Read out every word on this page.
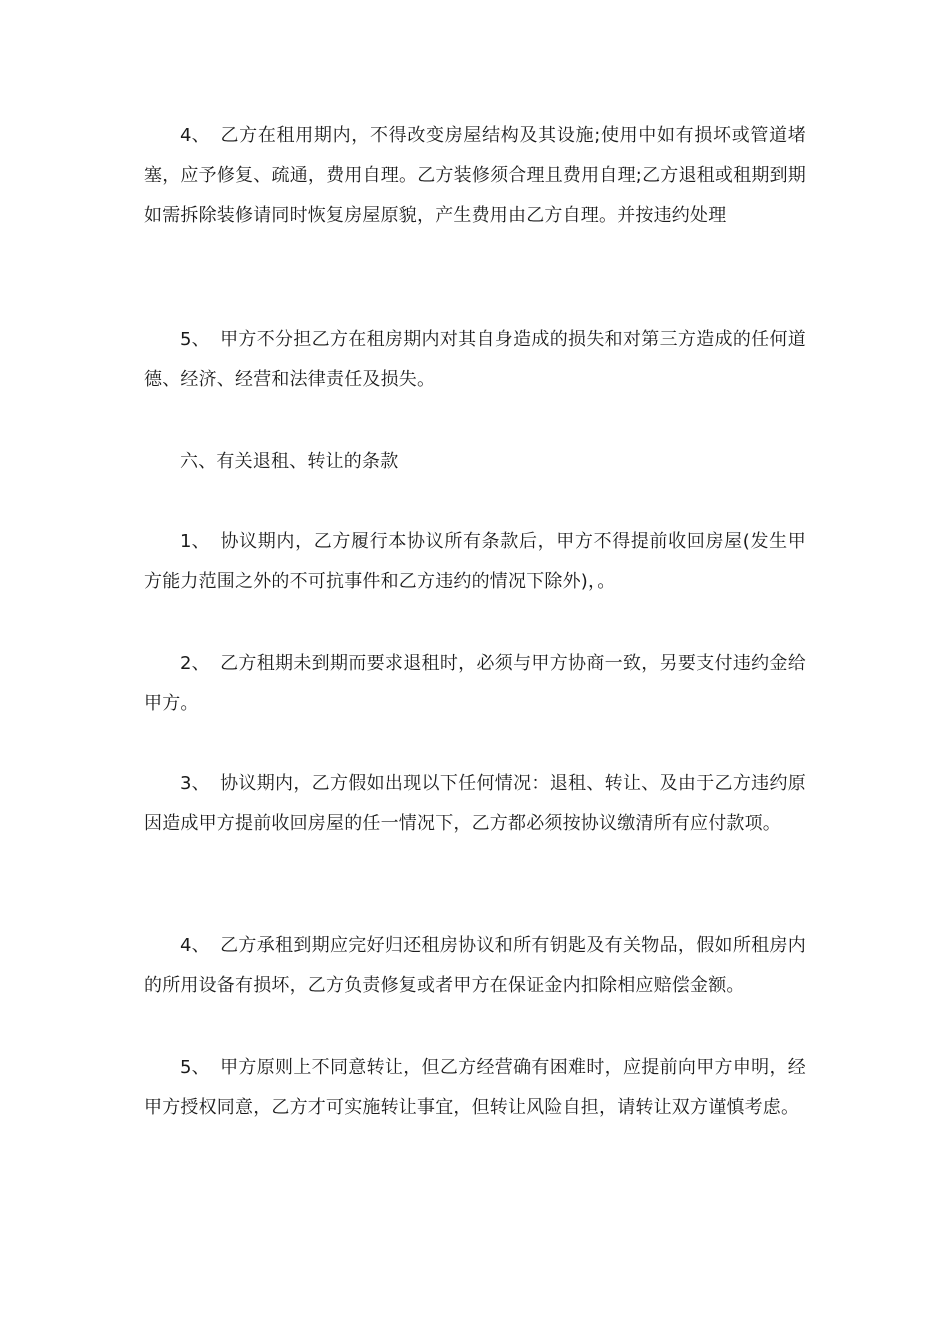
4、 乙方在租用期内，不得改变房屋结构及其设施;使用中如有损坏或管道堵塞，应予修复、疏通，费用自理。乙方装修须合理且费用自理;乙方退租或租期到期如需拆除装修请同时恢复房屋原貌，产生费用由乙方自理。并按违约处理

5、 甲方不分担乙方在租房期内对其自身造成的损失和对第三方造成的任何道德、经济、经营和法律责任及损失。

六、有关退租、转让的条款

1、 协议期内，乙方履行本协议所有条款后，甲方不得提前收回房屋(发生甲方能力范围之外的不可抗事件和乙方违约的情况下除外)，。

2、 乙方租期未到期而要求退租时，必须与甲方协商一致，另要支付违约金给甲方。

3、 协议期内，乙方假如出现以下任何情况：退租、转让、及由于乙方违约原因造成甲方提前收回房屋的任一情况下，乙方都必须按协议缴清所有应付款项。

4、 乙方承租到期应完好归还租房协议和所有钥匙及有关物品，假如所租房内的所用设备有损坏，乙方负责修复或者甲方在保证金内扣除相应赔偿金额。

5、 甲方原则上不同意转让，但乙方经营确有困难时，应提前向甲方申明，经甲方授权同意，乙方才可实施转让事宜，但转让风险自担，请转让双方谨慎考虑。
